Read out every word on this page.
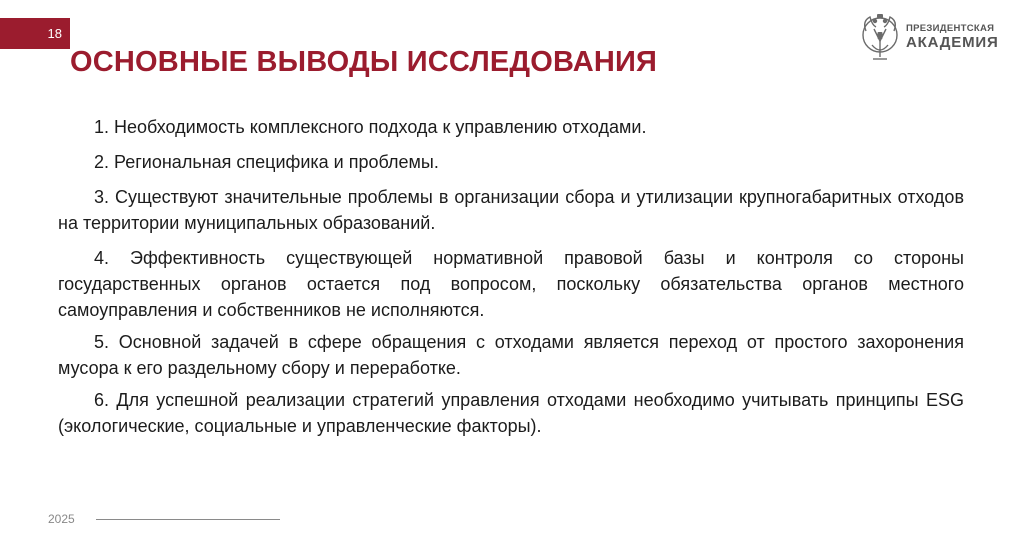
18
ОСНОВНЫЕ ВЫВОДЫ ИССЛЕДОВАНИЯ
ПРЕЗИДЕНТСКАЯ
АКАДЕМИЯ

1. Необходимость комплексного подхода к управлению отходами.

2. Региональная специфика и проблемы.

3. Существуют значительные проблемы в организации сбора и утилизации крупногабаритных отходов на территории муниципальных образований.

4. Эффективность существующей нормативной правовой базы и контроля со стороны государственных органов остается под вопросом, поскольку обязательства органов местного самоуправления и собственников не исполняются.

5. Основной задачей в сфере обращения с отходами является переход от простого захоронения мусора к его раздельному сбору и переработке.

6. Для успешной реализации стратегий управления отходами необходимо учитывать принципы ESG (экологические, социальные и управленческие факторы).

2025
